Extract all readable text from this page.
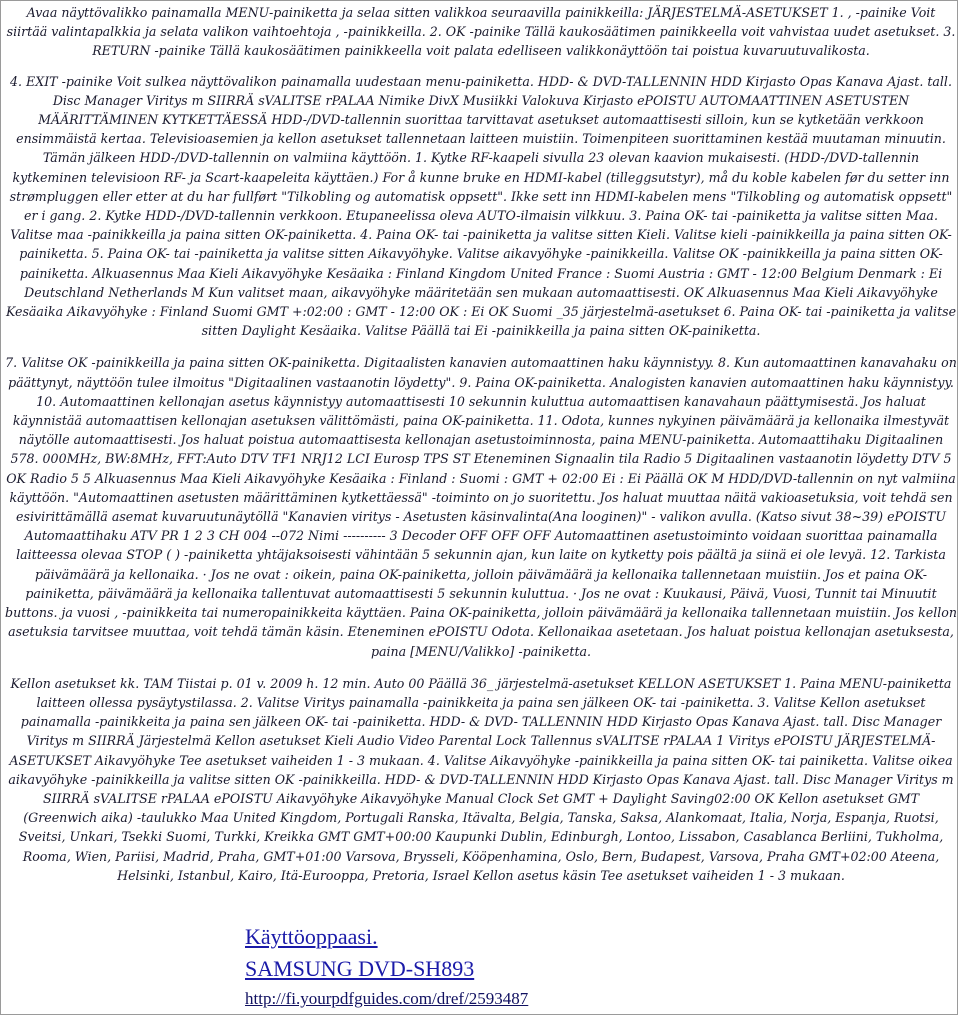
Avaa näyttövalikko painamalla MENU-painiketta ja selaa sitten valikkoa seuraavilla painikkeilla: JÄRJESTELMÄ-ASETUKSET 1. , -painike Voit siirtää valintapalkkia ja selata valikon vaihtoehtoja , -painikkeilla. 2. OK -painike Tällä kaukosäätimen painikkeella voit vahvistaa uudet asetukset. 3. RETURN -painike Tällä kaukosäätimen painikkeella voit palata edelliseen valikkonäyttöön tai poistua kuvaruutuvalikosta.

4. EXIT -painike Voit sulkea näyttövalikon painamalla uudestaan menu-painiketta. HDD- & DVD-TALLENNIN HDD Kirjasto Opas Kanava Ajast. tall. Disc Manager Viritys m SIIRRÄ sVALITSE rPALAA Nimike DivX Musiikki Valokuva Kirjasto ePOISTU AUTOMAATTINEN ASETUSTEN MÄÄRITTÄMINEN KYTKETTÄESSÄ HDD-/DVD-tallennin suorittaa tarvittavat asetukset automaattisesti silloin, kun se kytketään verkkoon ensimmäistä kertaa. Televisioasemien ja kellon asetukset tallennetaan laitteen muistiin. Toimenpiteen suorittaminen kestää muutaman minuutin. Tämän jälkeen HDD-/DVD-tallennin on valmiina käyttöön. 1. Kytke RF-kaapeli sivulla 23 olevan kaavion mukaisesti. (HDD-/DVD-tallennin kytkeminen televisioon RF- ja Scart-kaapeleita käyttäen.) For å kunne bruke en HDMI-kabel (tilleggsutstyr), må du koble kabelen før du setter inn strømpluggen eller etter at du har fullført "Tilkobling og automatisk oppsett". Ikke sett inn HDMI-kabelen mens "Tilkobling og automatisk oppsett" er i gang. 2. Kytke HDD-/DVD-tallennin verkkoon. Etupaneelissa oleva AUTO-ilmaisin vilkkuu. 3. Paina OK- tai -painiketta ja valitse sitten Maa. Valitse maa -painikkeilla ja paina sitten OK-painiketta. 4. Paina OK- tai -painiketta ja valitse sitten Kieli. Valitse kieli -painikkeilla ja paina sitten OK-painiketta. 5. Paina OK- tai -painiketta ja valitse sitten Aikavyöhyke. Valitse aikavyöhyke -painikkeilla. Valitse OK -painikkeilla ja paina sitten OK-painiketta. Alkuasennus Maa Kieli Aikavyöhyke Kesäaika : Finland Kingdom United France : Suomi Austria : GMT - 12:00 Belgium Denmark : Ei Deutschland Netherlands M Kun valitset maan, aikavyöhyke määritetään sen mukaan automaattisesti. OK Alkuasennus Maa Kieli Aikavyöhyke Kesäaika Aikavyöhyke : Finland Suomi GMT +:02:00 : GMT - 12:00 OK : Ei OK Suomi _35 järjestelmä-asetukset 6. Paina OK- tai -painiketta ja valitse sitten Daylight Kesäaika. Valitse Päällä tai Ei -painikkeilla ja paina sitten OK-painiketta.

7. Valitse OK -painikkeilla ja paina sitten OK-painiketta. Digitaalisten kanavien automaattinen haku käynnistyy. 8. Kun automaattinen kanavahaku on päättynyt, näyttöön tulee ilmoitus "Digitaalinen vastaanotin löydetty". 9. Paina OK-painiketta. Analogisten kanavien automaattinen haku käynnistyy. 10. Automaattinen kellonajan asetus käynnistyy automaattisesti 10 sekunnin kuluttua automaattisen kanavahaun päättymisestä. Jos haluat käynnistää automaattisen kellonajan asetuksen välittömästi, paina OK-painiketta. 11. Odota, kunnes nykyinen päivämäärä ja kellonaika ilmestyvät näytölle automaattisesti. Jos haluat poistua automaattisesta kellonajan asetustoiminnosta, paina MENU-painiketta. Automaattihaku Digitaalinen 578. 000MHz, BW:8MHz, FFT:Auto DTV TF1 NRJ12 LCI Eurosp TPS ST Eteneminen Signaalin tila Radio 5 Digitaalinen vastaanotin löydetty DTV 5 OK Radio 5 5 Alkuasennus Maa Kieli Aikavyöhyke Kesäaika : Finland : Suomi : GMT + 02:00 Ei : Ei Päällä OK M HDD/DVD-tallennin on nyt valmiina käyttöön. "Automaattinen asetusten määrittäminen kytkettäessä" -toiminto on jo suoritettu. Jos haluat muuttaa näitä vakioasetuksia, voit tehdä sen esivirittämällä asemat kuvaruutunäytöllä "Kanavien viritys - Asetusten käsinvalinta(Ana looginen)" - valikon avulla. (Katso sivut 38~39) ePOISTU Automaattihaku ATV PR 1 2 3 CH 004 --072 Nimi ---------- 3 Decoder OFF OFF OFF Automaattinen asetustoiminto voidaan suorittaa painamalla laitteessa olevaa STOP ( ) -painiketta yhtäjaksoisesti vähintään 5 sekunnin ajan, kun laite on kytketty pois päältä ja siinä ei ole levyä. 12. Tarkista päivämäärä ja kellonaika. · Jos ne ovat : oikein, paina OK-painiketta, jolloin päivämäärä ja kellonaika tallennetaan muistiin. Jos et paina OK-painiketta, päivämäärä ja kellonaika tallentuvat automaattisesti 5 sekunnin kuluttua. · Jos ne ovat : Kuukausi, Päivä, Vuosi, Tunnit tai Minuutit buttons. ja vuosi , -painikkeita tai numeropainikkeita käyttäen. Paina OK-painiketta, jolloin päivämäärä ja kellonaika tallennetaan muistiin. Jos kellon asetuksia tarvitsee muuttaa, voit tehdä tämän käsin. Eteneminen ePOISTU Odota. Kellonaikaa asetetaan. Jos haluat poistua kellonajan asetuksesta, paina [MENU/Valikko] -painiketta.

Kellon asetukset kk. TAM Tiistai p. 01 v. 2009 h. 12 min. Auto 00 Päällä 36_ järjestelmä-asetukset KELLON ASETUKSET 1. Paina MENU-painiketta laitteen ollessa pysäytystilassa. 2. Valitse Viritys painamalla -painikkeita ja paina sen jälkeen OK- tai -painiketta. 3. Valitse Kellon asetukset painamalla -painikkeita ja paina sen jälkeen OK- tai -painiketta. HDD- & DVD- TALLENNIN HDD Kirjasto Opas Kanava Ajast. tall. Disc Manager Viritys m SIIRRÄ Järjestelmä Kellon asetukset Kieli Audio Video Parental Lock Tallennus sVALITSE rPALAA 1 Viritys ePOISTU JÄRJESTELMÄ-ASETUKSET Aikavyöhyke Tee asetukset vaiheiden 1 - 3 mukaan. 4. Valitse Aikavyöhyke -painikkeilla ja paina sitten OK- tai painiketta. Valitse oikea aikavyöhyke -painikkeilla ja valitse sitten OK -painikkeilla. HDD- & DVD-TALLENNIN HDD Kirjasto Opas Kanava Ajast. tall. Disc Manager Viritys m SIIRRÄ sVALITSE rPALAA ePOISTU Aikavyöhyke Aikavyöhyke Manual Clock Set GMT + Daylight Saving02:00 OK Kellon asetukset GMT (Greenwich aika) -taulukko Maa United Kingdom, Portugali Ranska, Itävalta, Belgia, Tanska, Saksa, Alankomaat, Italia, Norja, Espanja, Ruotsi, Sveitsi, Unkari, Tsekki Suomi, Turkki, Kreikka GMT GMT+00:00 Kaupunki Dublin, Edinburgh, Lontoo, Lissabon, Casablanca Berliini, Tukholma, Rooma, Wien, Pariisi, Madrid, Praha, GMT+01:00 Varsova, Brysseli, Kööpenhamina, Oslo, Bern, Budapest, Varsova, Praha GMT+02:00 Ateena, Helsinki, Istanbul, Kairo, Itä-Eurooppa, Pretoria, Israel Kellon asetus käsin Tee asetukset vaiheiden 1 - 3 mukaan.

Käyttöoppaasi.
SAMSUNG DVD-SH893
http://fi.yourpdfguides.com/dref/2593487
